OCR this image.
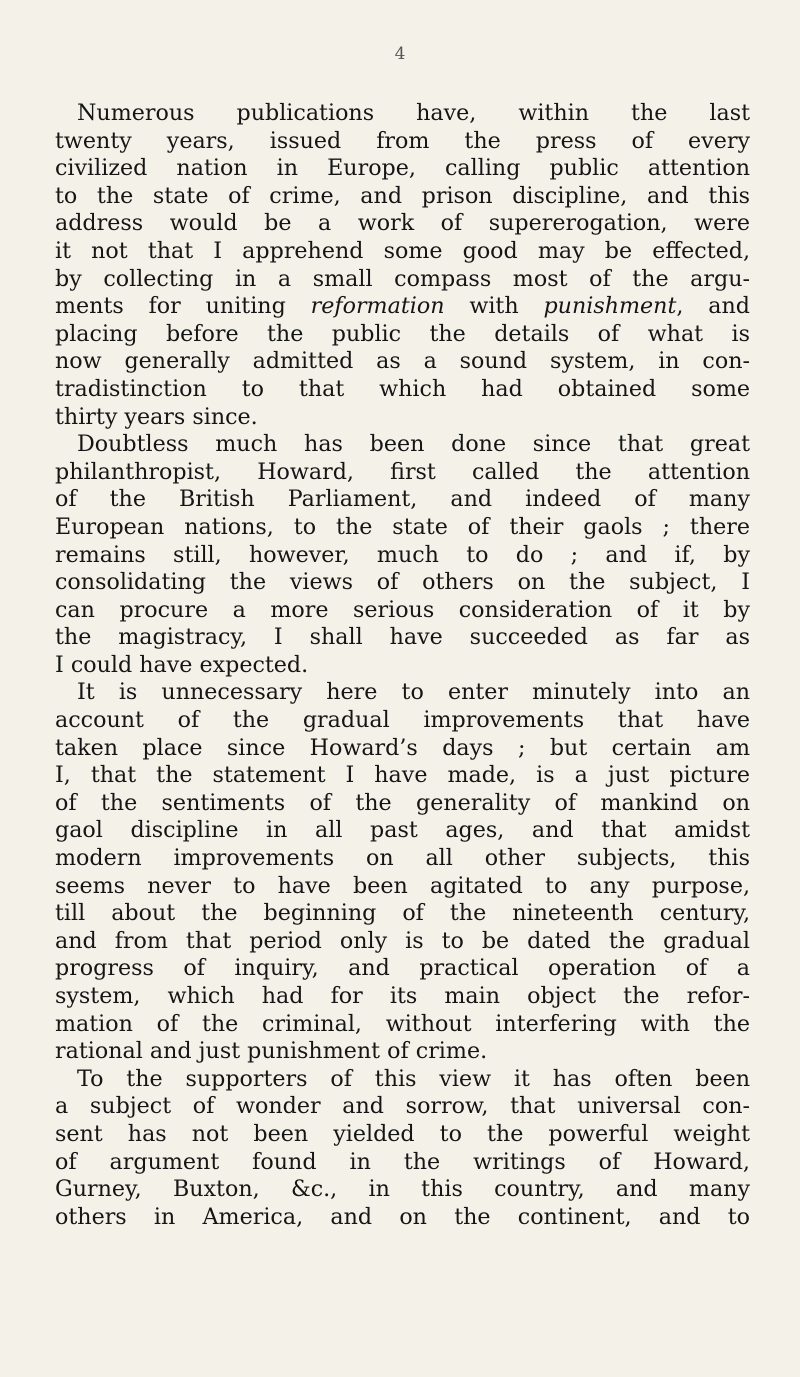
4
Numerous publications have, within the last
twenty years, issued from the press of every
civilized nation in Europe, calling public attention
to the state of crime, and prison discipline, and this
address would be a work of supererogation, were
it not that I apprehend some good may be effected,
by collecting in a small compass most of the argu-
ments for uniting reformation with punishment, and
placing before the public the details of what is
now generally admitted as a sound system, in con-
tradistinction to that which had obtained some
thirty years since.
Doubtless much has been done since that great
philanthropist, Howard, first called the attention
of the British Parliament, and indeed of many
European nations, to the state of their gaols ; there
remains still, however, much to do ; and if, by
consolidating the views of others on the subject, I
can procure a more serious consideration of it by
the magistracy, I shall have succeeded as far as
I could have expected.
It is unnecessary here to enter minutely into an
account of the gradual improvements that have
taken place since Howard’s days ; but certain am
I, that the statement I have made, is a just picture
of the sentiments of the generality of mankind on
gaol discipline in all past ages, and that amidst
modern improvements on all other subjects, this
seems never to have been agitated to any purpose,
till about the beginning of the nineteenth century,
and from that period only is to be dated the gradual
progress of inquiry, and practical operation of a
system, which had for its main object the refor-
mation of the criminal, without interfering with the
rational and just punishment of crime.
To the supporters of this view it has often been
a subject of wonder and sorrow, that universal con-
sent has not been yielded to the powerful weight
of argument found in the writings of Howard,
Gurney, Buxton, &c., in this country, and many
others in America, and on the continent, and to
